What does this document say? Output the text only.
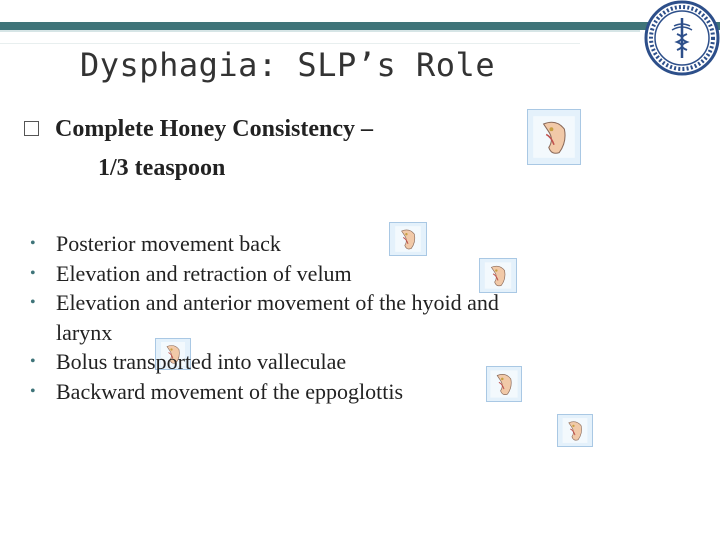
Dysphagia: SLP’s Role
Complete Honey Consistency –
1/3 teaspoon
• Posterior movement back
• Elevation and retraction of velum
• Elevation and anterior movement of the hyoid and
larynx
• Bolus transported into valleculae
• Backward movement of the eppoglottis
